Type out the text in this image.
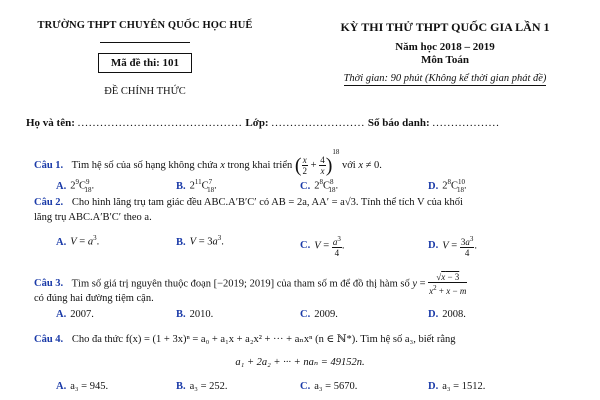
TRƯỜNG THPT CHUYÊN QUỐC HỌC HUẾ
Mã đề thi: 101
ĐỀ CHÍNH THỨC
KỲ THI THỬ THPT QUỐC GIA LẦN 1
Năm học 2018 – 2019
Môn Toán
Thời gian: 90 phút (Không kể thời gian phát đề)
Họ và tên: ............................................ Lớp: ......................... Số báo danh: ..................
Câu 1. Tìm hệ số của số hạng không chứa x trong khai triển ( $\frac{x}{2} + \frac{4}{x} )^{18}$ với x ≠ 0.
A. $2^9C^9_{18}$.	B. $2^{11}C^7_{18}$.	C. $2^8C^8_{18}$.	D. $2^8C^{10}_{18}$.
Câu 2. Cho hình lăng trụ tam giác đều ABC.A′B′C′ có AB = 2a, AA′ = a√3. Tính thể tích V của khối
lăng trụ ABC.A′B′C′ theo a.
A. $V = a^3$.	B. $V = 3a^3$.	C. $V = \frac{a^3}{4}$ .	D. $V = \frac{3a^3}{4}$ .
Câu 3. Tìm số giá trị nguyên thuộc đoạn [−2019; 2019] của tham số m để đồ thị hàm số $y = \frac{√x - 3}{x^2 + x - m}$
có đúng hai đường tiệm cận.
A. 2007.	B. 2010.	C. 2009.	D. 2008.
Câu 4. Cho đa thức f(x) = (1 + 3x)ⁿ = a₀ + a₁x + a₂x² + ··· + aₙxⁿ (n ∈ ℕ*). Tìm hệ số a₃, biết rằng
a₁ + 2a₂ + ··· + naₙ = 49152n.
A. a₃ = 945.	B. a₃ = 252.	C. a₃ = 5670.	D. a₃ = 1512.
